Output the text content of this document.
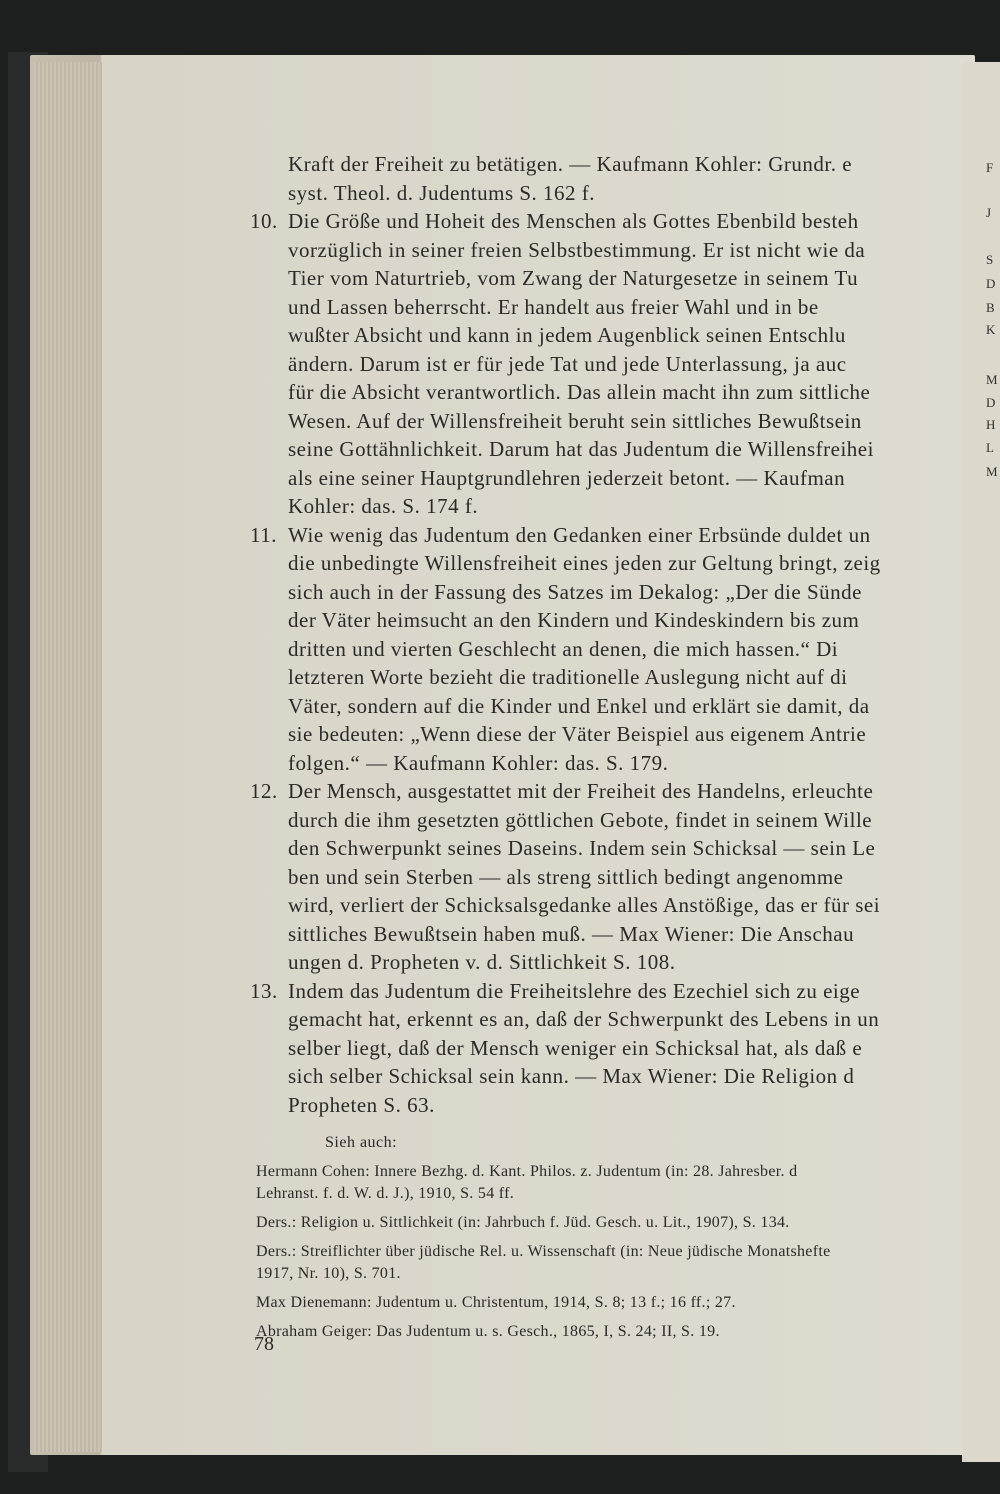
F
J
S
D
B
K
M
D
H
L
M
Kraft der Freiheit zu betätigen. — Kaufmann Kohler: Grundr. e
syst. Theol. d. Judentums S. 162 f.
10. Die Größe und Hoheit des Menschen als Gottes Ebenbild besteh
vorzüglich in seiner freien Selbstbestimmung. Er ist nicht wie da
Tier vom Naturtrieb, vom Zwang der Naturgesetze in seinem Tu
und Lassen beherrscht. Er handelt aus freier Wahl und in be
wußter Absicht und kann in jedem Augenblick seinen Entschlu
ändern. Darum ist er für jede Tat und jede Unterlassung, ja auc
für die Absicht verantwortlich. Das allein macht ihn zum sittliche
Wesen. Auf der Willensfreiheit beruht sein sittliches Bewußtsein
seine Gottähnlichkeit. Darum hat das Judentum die Willensfreihei
als eine seiner Hauptgrundlehren jederzeit betont. — Kaufman
Kohler: das. S. 174 f.
11. Wie wenig das Judentum den Gedanken einer Erbsünde duldet un
die unbedingte Willensfreiheit eines jeden zur Geltung bringt, zeig
sich auch in der Fassung des Satzes im Dekalog: „Der die Sünde
der Väter heimsucht an den Kindern und Kindeskindern bis zum
dritten und vierten Geschlecht an denen, die mich hassen.“ Di
letzteren Worte bezieht die traditionelle Auslegung nicht auf di
Väter, sondern auf die Kinder und Enkel und erklärt sie damit, da
sie bedeuten: „Wenn diese der Väter Beispiel aus eigenem Antrie
folgen.“ — Kaufmann Kohler: das. S. 179.
12. Der Mensch, ausgestattet mit der Freiheit des Handelns, erleuchte
durch die ihm gesetzten göttlichen Gebote, findet in seinem Wille
den Schwerpunkt seines Daseins. Indem sein Schicksal — sein Le
ben und sein Sterben — als streng sittlich bedingt angenomme
wird, verliert der Schicksalsgedanke alles Anstößige, das er für sei
sittliches Bewußtsein haben muß. — Max Wiener: Die Anschau
ungen d. Propheten v. d. Sittlichkeit S. 108.
13. Indem das Judentum die Freiheitslehre des Ezechiel sich zu eige
gemacht hat, erkennt es an, daß der Schwerpunkt des Lebens in un
selber liegt, daß der Mensch weniger ein Schicksal hat, als daß e
sich selber Schicksal sein kann. — Max Wiener: Die Religion d
Propheten S. 63.
Sieh auch:
Hermann Cohen: Innere Bezhg. d. Kant. Philos. z. Judentum (in: 28. Jahresber. d
Lehranst. f. d. W. d. J.), 1910, S. 54 ff.
Ders.: Religion u. Sittlichkeit (in: Jahrbuch f. Jüd. Gesch. u. Lit., 1907), S. 134.
Ders.: Streiflichter über jüdische Rel. u. Wissenschaft (in: Neue jüdische Monatshefte
1917, Nr. 10), S. 701.
Max Dienemann: Judentum u. Christentum, 1914, S. 8; 13 f.; 16 ff.; 27.
Abraham Geiger: Das Judentum u. s. Gesch., 1865, I, S. 24; II, S. 19.
78
